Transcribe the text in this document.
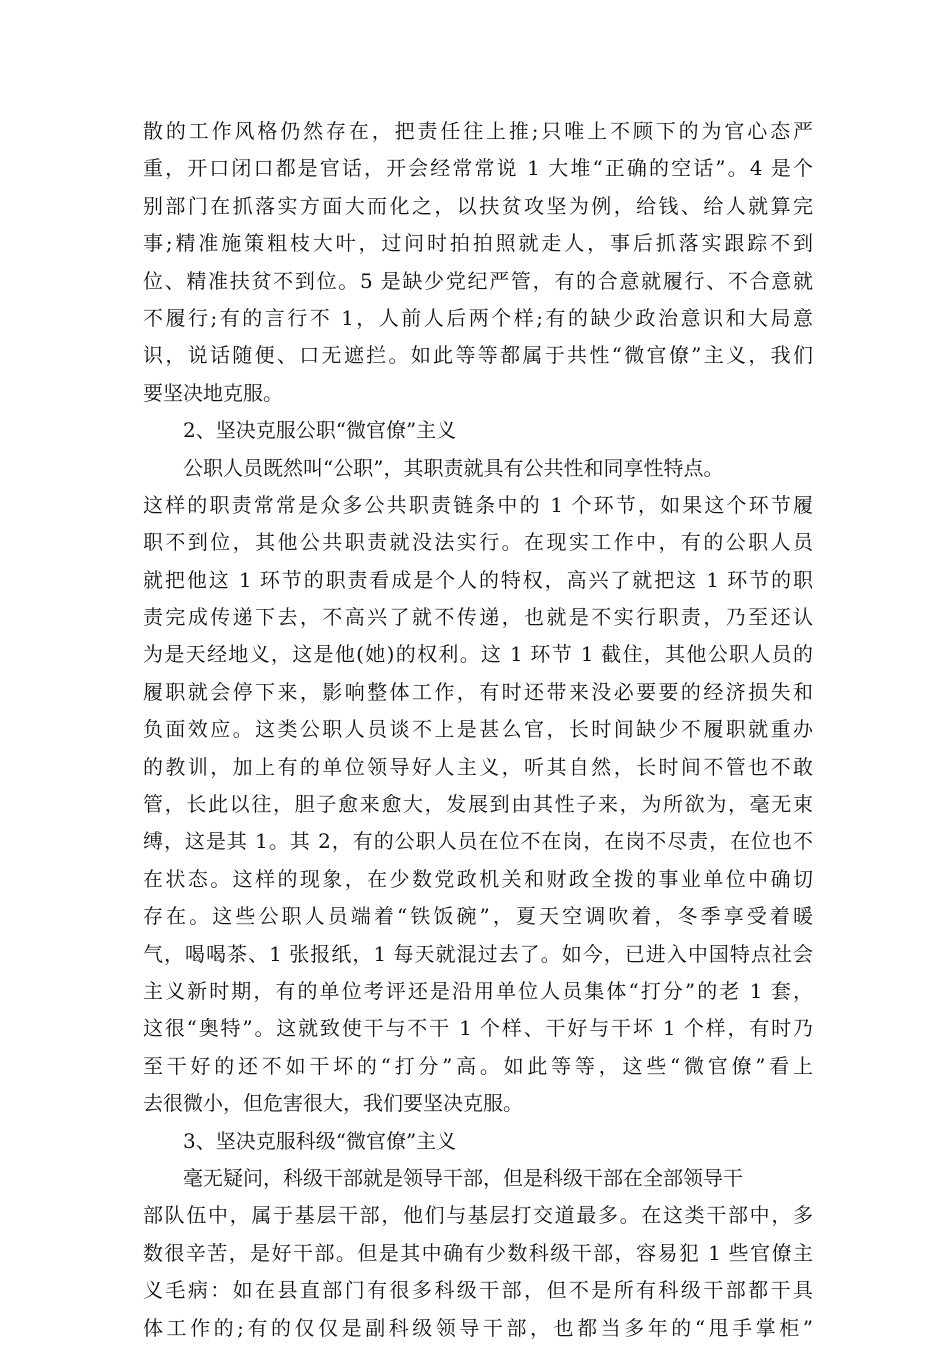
散的工作风格仍然存在，把责任往上推;只唯上不顾下的为官心态严
重，开口闭口都是官话，开会经常常说 1 大堆“正确的空话”。4 是个
别部门在抓落实方面大而化之，以扶贫攻坚为例，给钱、给人就算完
事;精准施策粗枝大叶，过问时拍拍照就走人，事后抓落实跟踪不到
位、精准扶贫不到位。5 是缺少党纪严管，有的合意就履行、不合意就
不履行;有的言行不 1，人前人后两个样;有的缺少政治意识和大局意
识，说话随便、口无遮拦。如此等等都属于共性“微官僚”主义，我们
要坚决地克服。
2、坚决克服公职“微官僚”主义
公职人员既然叫“公职”，其职责就具有公共性和同享性特点。
这样的职责常常是众多公共职责链条中的 1 个环节，如果这个环节履
职不到位，其他公共职责就没法实行。在现实工作中，有的公职人员
就把他这 1 环节的职责看成是个人的特权，高兴了就把这 1 环节的职
责完成传递下去，不高兴了就不传递，也就是不实行职责，乃至还认
为是天经地义，这是他(她)的权利。这 1 环节 1 截住，其他公职人员的
履职就会停下来，影响整体工作，有时还带来没必要要的经济损失和
负面效应。这类公职人员谈不上是甚么官，长时间缺少不履职就重办
的教训，加上有的单位领导好人主义，听其自然，长时间不管也不敢
管，长此以往，胆子愈来愈大，发展到由其性子来，为所欲为，毫无束
缚，这是其 1。其 2，有的公职人员在位不在岗，在岗不尽责，在位也不
在状态。这样的现象，在少数党政机关和财政全拨的事业单位中确切
存在。这些公职人员端着“铁饭碗”，夏天空调吹着，冬季享受着暖
气，喝喝茶、1 张报纸，1 每天就混过去了。如今，已进入中国特点社会
主义新时期，有的单位考评还是沿用单位人员集体“打分”的老 1 套，
这很“奥特”。这就致使干与不干 1 个样、干好与干坏 1 个样，有时乃
至干好的还不如干坏的“打分”高。如此等等，这些“微官僚”看上
去很微小，但危害很大，我们要坚决克服。
3、坚决克服科级“微官僚”主义
毫无疑问，科级干部就是领导干部，但是科级干部在全部领导干
部队伍中，属于基层干部，他们与基层打交道最多。在这类干部中，多
数很辛苦，是好干部。但是其中确有少数科级干部，容易犯 1 些官僚主
义毛病：如在县直部门有很多科级干部，但不是所有科级干部都干具
体工作的;有的仅仅是副科级领导干部，也都当多年的“甩手掌柜”
